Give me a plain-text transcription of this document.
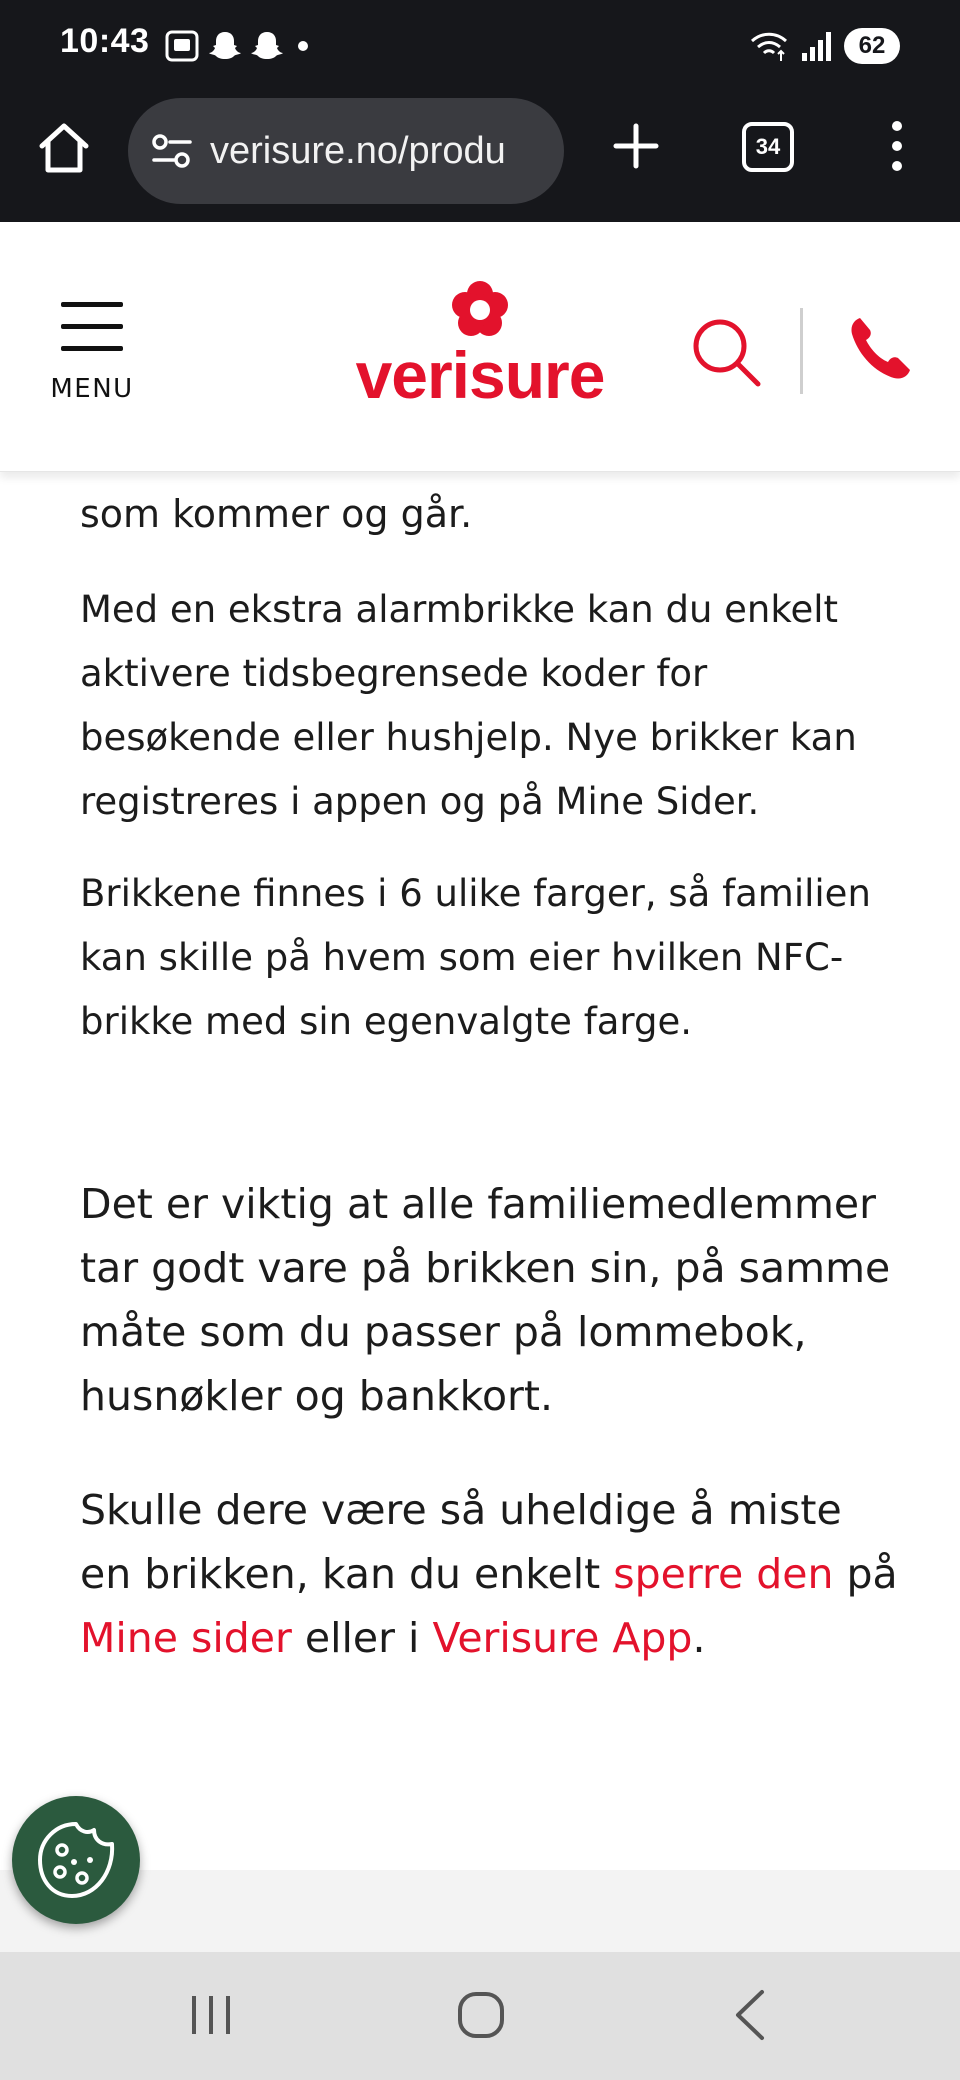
10:43	62
verisure.no/produ	34
MENU	verisure

som kommer og går.

Med en ekstra alarmbrikke kan du enkelt aktivere tidsbegrensede koder for besøkende eller hushjelp. Nye brikker kan registreres i appen og på Mine Sider.

Brikkene finnes i 6 ulike farger, så familien kan skille på hvem som eier hvilken NFC-brikke med sin egenvalgte farge.

Det er viktig at alle familiemedlemmer tar godt vare på brikken sin, på samme måte som du passer på lommebok, husnøkler og bankkort.

Skulle dere være så uheldige å miste en brikken, kan du enkelt sperre den på Mine sider eller i Verisure App.
